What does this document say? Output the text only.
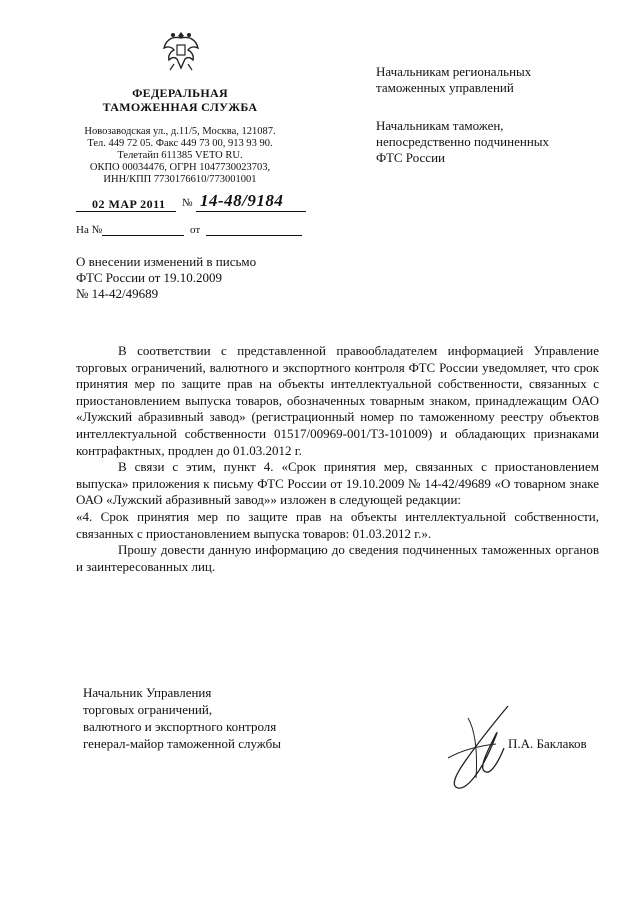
ФЕДЕРАЛЬНАЯ
ТАМОЖЕННАЯ СЛУЖБА
Новозаводская ул., д.11/5, Москва, 121087.
Тел. 449 72 05. Факс 449 73 00, 913 93 90.
Телетайп 611385 VETO RU.
ОКПО 00034476, ОГРН 1047730023703,
ИНН/КПП 7730176610/773001001
02 MAP 2011 № 14-48/9184
На №	от
Начальникам региональных
таможенных управлений
Начальникам таможен,
непосредственно подчиненных
ФТС России
О внесении изменений в письмо
ФТС России от 19.10.2009
№ 14-42/49689

В соответствии с представленной правообладателем информацией Управление торговых ограничений, валютного и экспортного контроля ФТС России уведомляет, что срок принятия мер по защите прав на объекты интеллектуальной собственности, связанных с приостановлением выпуска товаров, обозначенных товарным знаком, принадлежащим ОАО «Лужский абразивный завод» (регистрационный номер по таможенному реестру объектов интеллектуальной собственности 01517/00969-001/ТЗ-101009) и обладающих признаками контрафактных, продлен до 01.03.2012 г.

В связи с этим, пункт 4. «Срок принятия мер, связанных с приостановлением выпуска» приложения к письму ФТС России от 19.10.2009 № 14-42/49689 «О товарном знаке ОАО «Лужский абразивный завод»» изложен в следующей редакции:

«4. Срок принятия мер по защите прав на объекты интеллектуальной собственности, связанных с приостановлением выпуска товаров: 01.03.2012 г.».

Прошу довести данную информацию до сведения подчиненных таможенных органов и заинтересованных лиц.

Начальник Управления
торговых ограничений,
валютного и экспортного контроля
генерал-майор таможенной службы	П.А. Баклаков
